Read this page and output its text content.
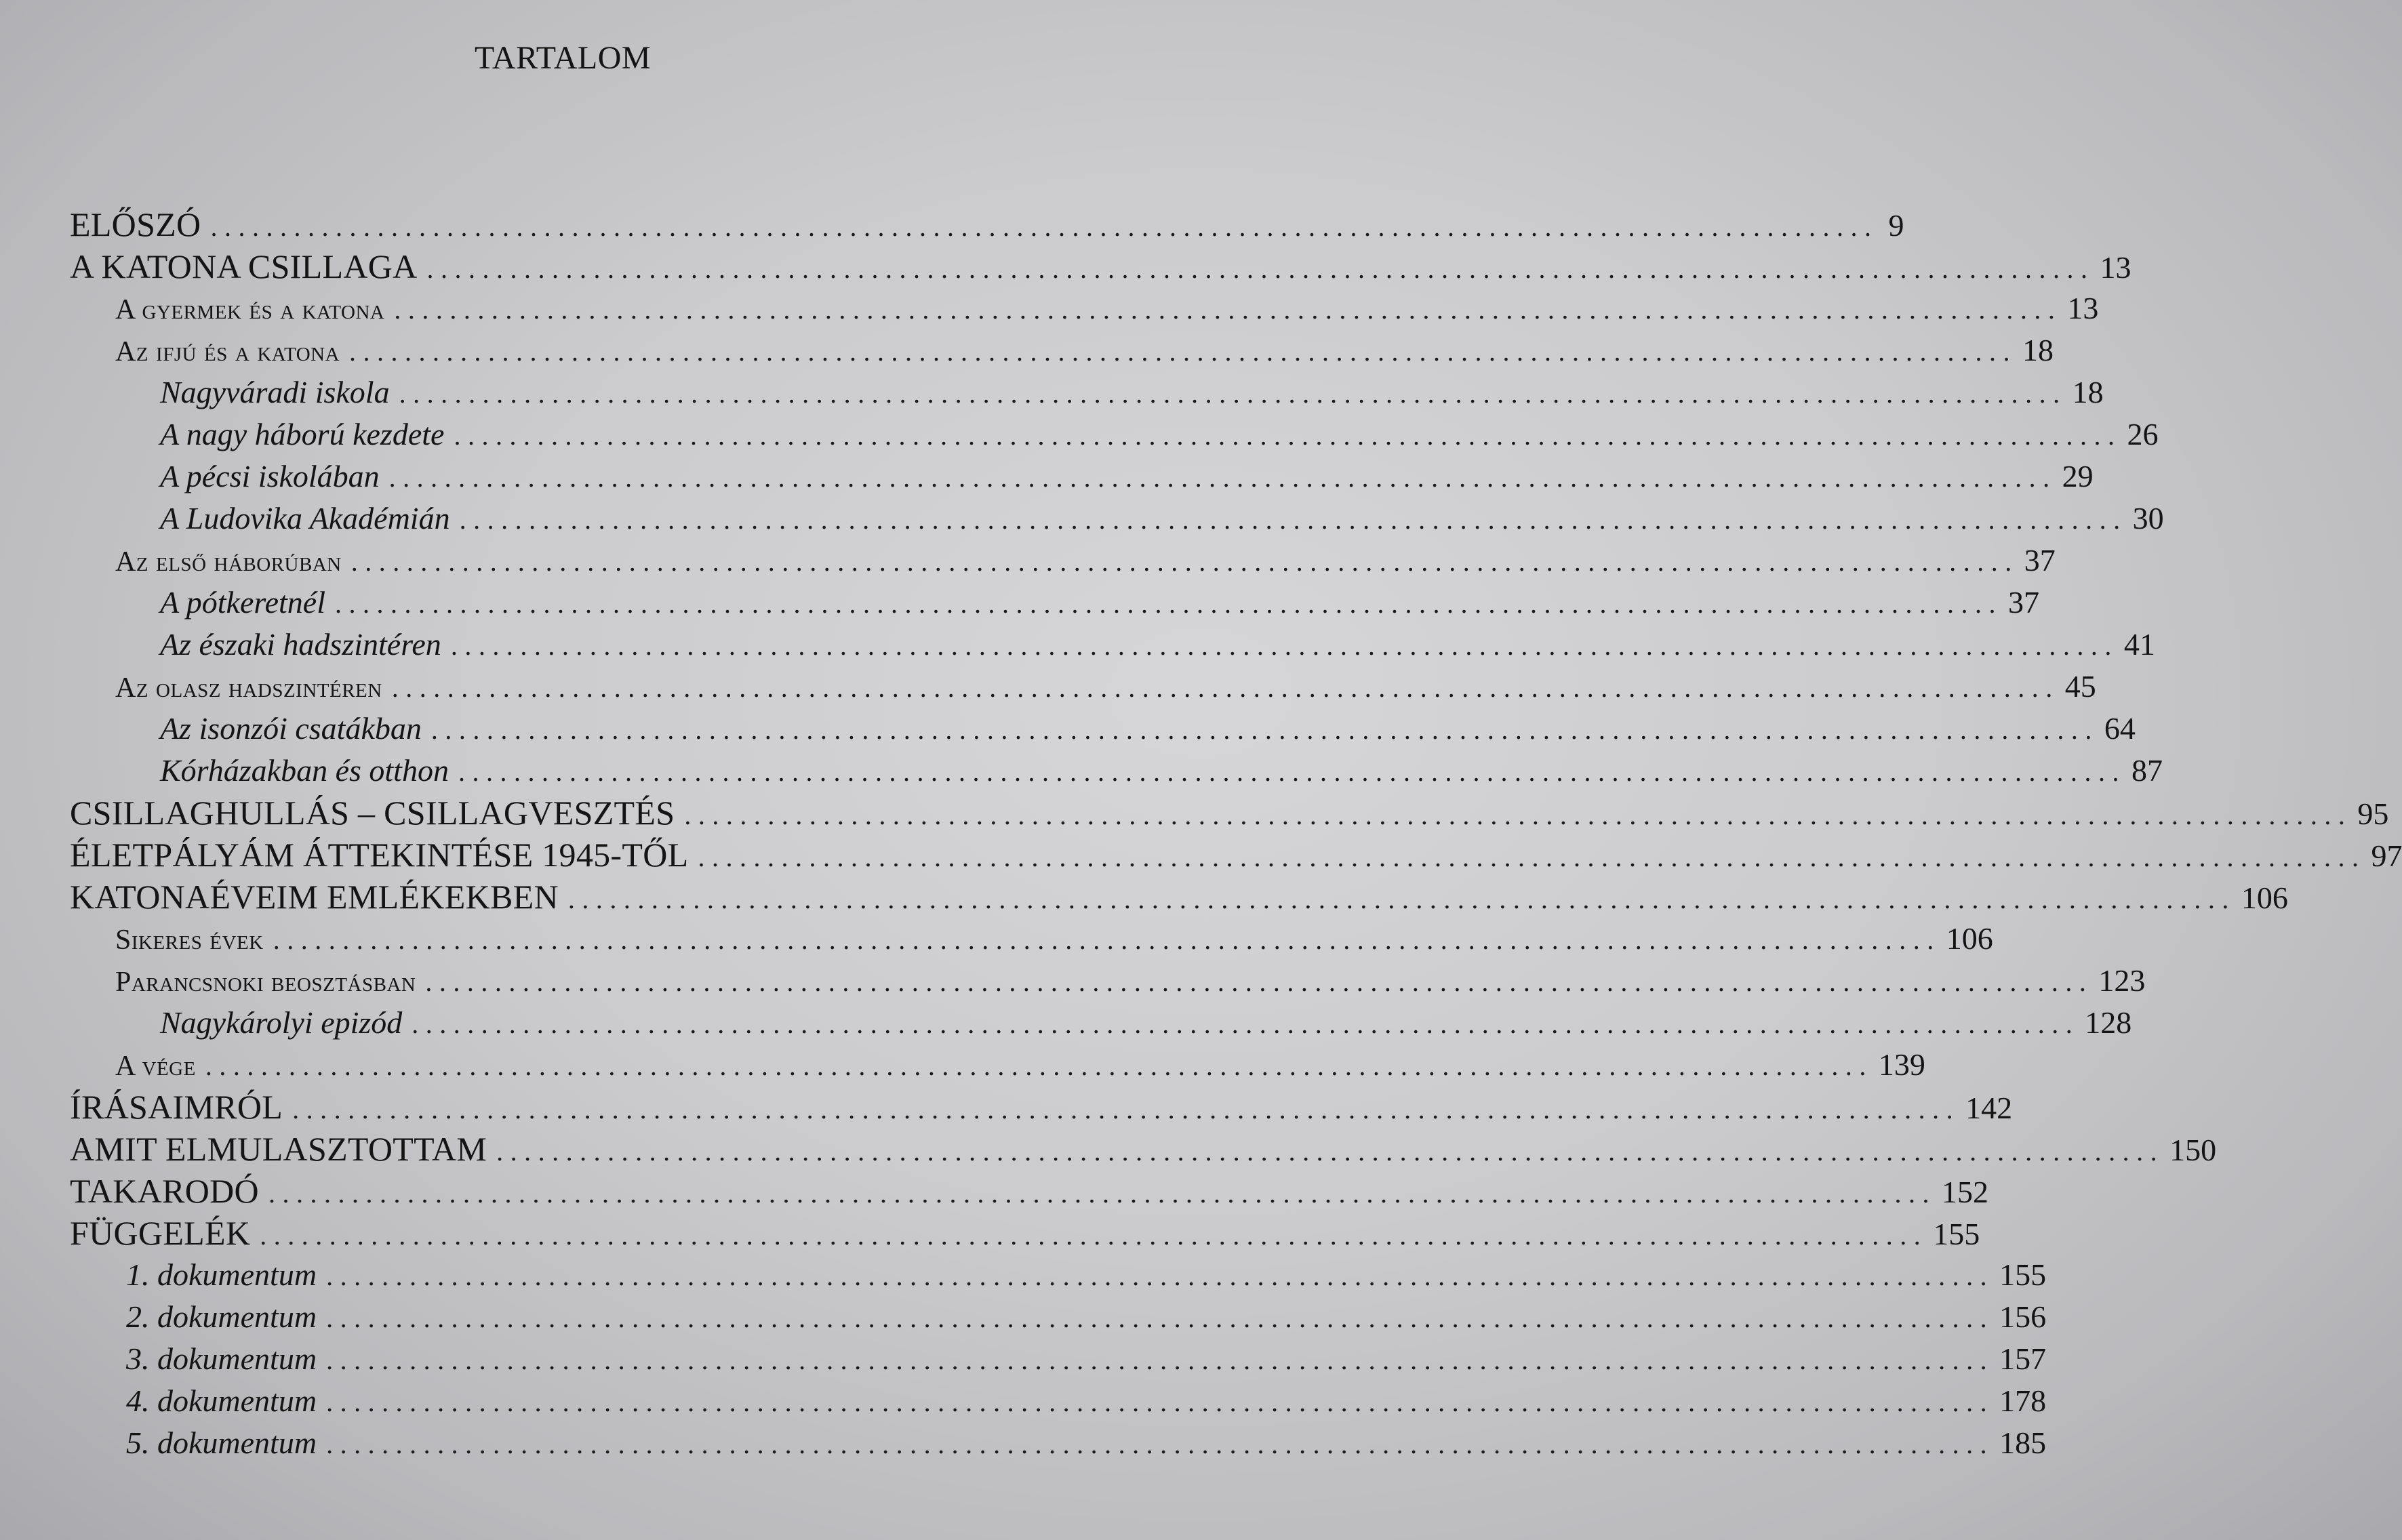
TARTALOM
ELŐSZÓ ........................................................................................................................ 9
A KATONA CSILLAGA ........................................................................................................................ 13
A gyermek és a katona ........................................................................................................................ 13
Az ifjú és a katona ........................................................................................................................ 18
Nagyváradi iskola ........................................................................................................................ 18
A nagy háború kezdete ........................................................................................................................ 26
A pécsi iskolában ........................................................................................................................ 29
A Ludovika Akadémián ........................................................................................................................ 30
Az első háborúban ........................................................................................................................ 37
A pótkeretnél ........................................................................................................................ 37
Az északi hadszintéren ........................................................................................................................ 41
Az olasz hadszintéren ........................................................................................................................ 45
Az isonzói csatákban ........................................................................................................................ 64
Kórházakban és otthon ........................................................................................................................ 87
CSILLAGHULLÁS – CSILLAGVESZTÉS ........................................................................................................................ 95
ÉLETPÁLYÁM ÁTTEKINTÉSE 1945-TŐL ........................................................................................................................ 97
KATONAÉVEIM EMLÉKEKBEN ........................................................................................................................ 106
Sikeres évek ........................................................................................................................ 106
Parancsnoki beosztásban ........................................................................................................................ 123
Nagykárolyi epizód ........................................................................................................................ 128
A vége ........................................................................................................................ 139
ÍRÁSAIMRÓL ........................................................................................................................ 142
AMIT ELMULASZTOTTAM ........................................................................................................................ 150
TAKARODÓ ........................................................................................................................ 152
FÜGGELÉK ........................................................................................................................ 155
1. dokumentum ........................................................................................................................ 155
2. dokumentum ........................................................................................................................ 156
3. dokumentum ........................................................................................................................ 157
4. dokumentum ........................................................................................................................ 178
5. dokumentum ........................................................................................................................ 185
